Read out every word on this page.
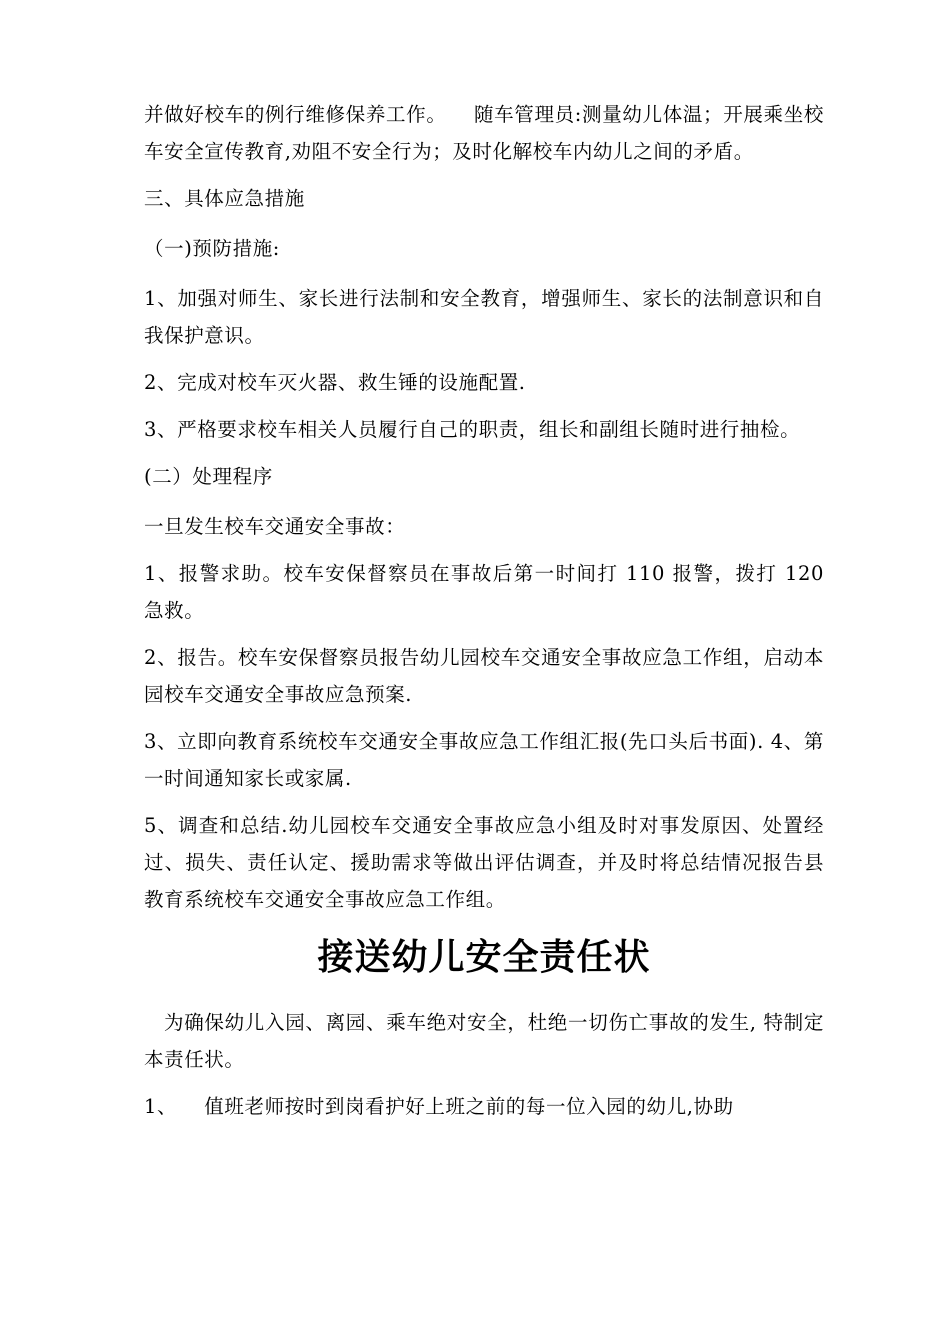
并做好校车的例行维修保养工作。    随车管理员:测量幼儿体温；开展乘坐校车安全宣传教育,劝阻不安全行为；及时化解校车内幼儿之间的矛盾。

三、具体应急措施

（一)预防措施:

1、加强对师生、家长进行法制和安全教育，增强师生、家长的法制意识和自我保护意识。

2、完成对校车灭火器、救生锤的设施配置.

3、严格要求校车相关人员履行自己的职责，组长和副组长随时进行抽检。

(二）处理程序

一旦发生校车交通安全事故：

1、报警求助。校车安保督察员在事故后第一时间打 110 报警，拨打 120 急救。

2、报告。校车安保督察员报告幼儿园校车交通安全事故应急工作组，启动本园校车交通安全事故应急预案.

3、立即向教育系统校车交通安全事故应急工作组汇报(先口头后书面). 4、第一时间通知家长或家属.

5、调查和总结.幼儿园校车交通安全事故应急小组及时对事发原因、处置经过、损失、责任认定、援助需求等做出评估调查，并及时将总结情况报告县教育系统校车交通安全事故应急工作组。

接送幼儿安全责任状

为确保幼儿入园、离园、乘车绝对安全，杜绝一切伤亡事故的发生, 特制定本责任状。

1、    值班老师按时到岗看护好上班之前的每一位入园的幼儿,协助
